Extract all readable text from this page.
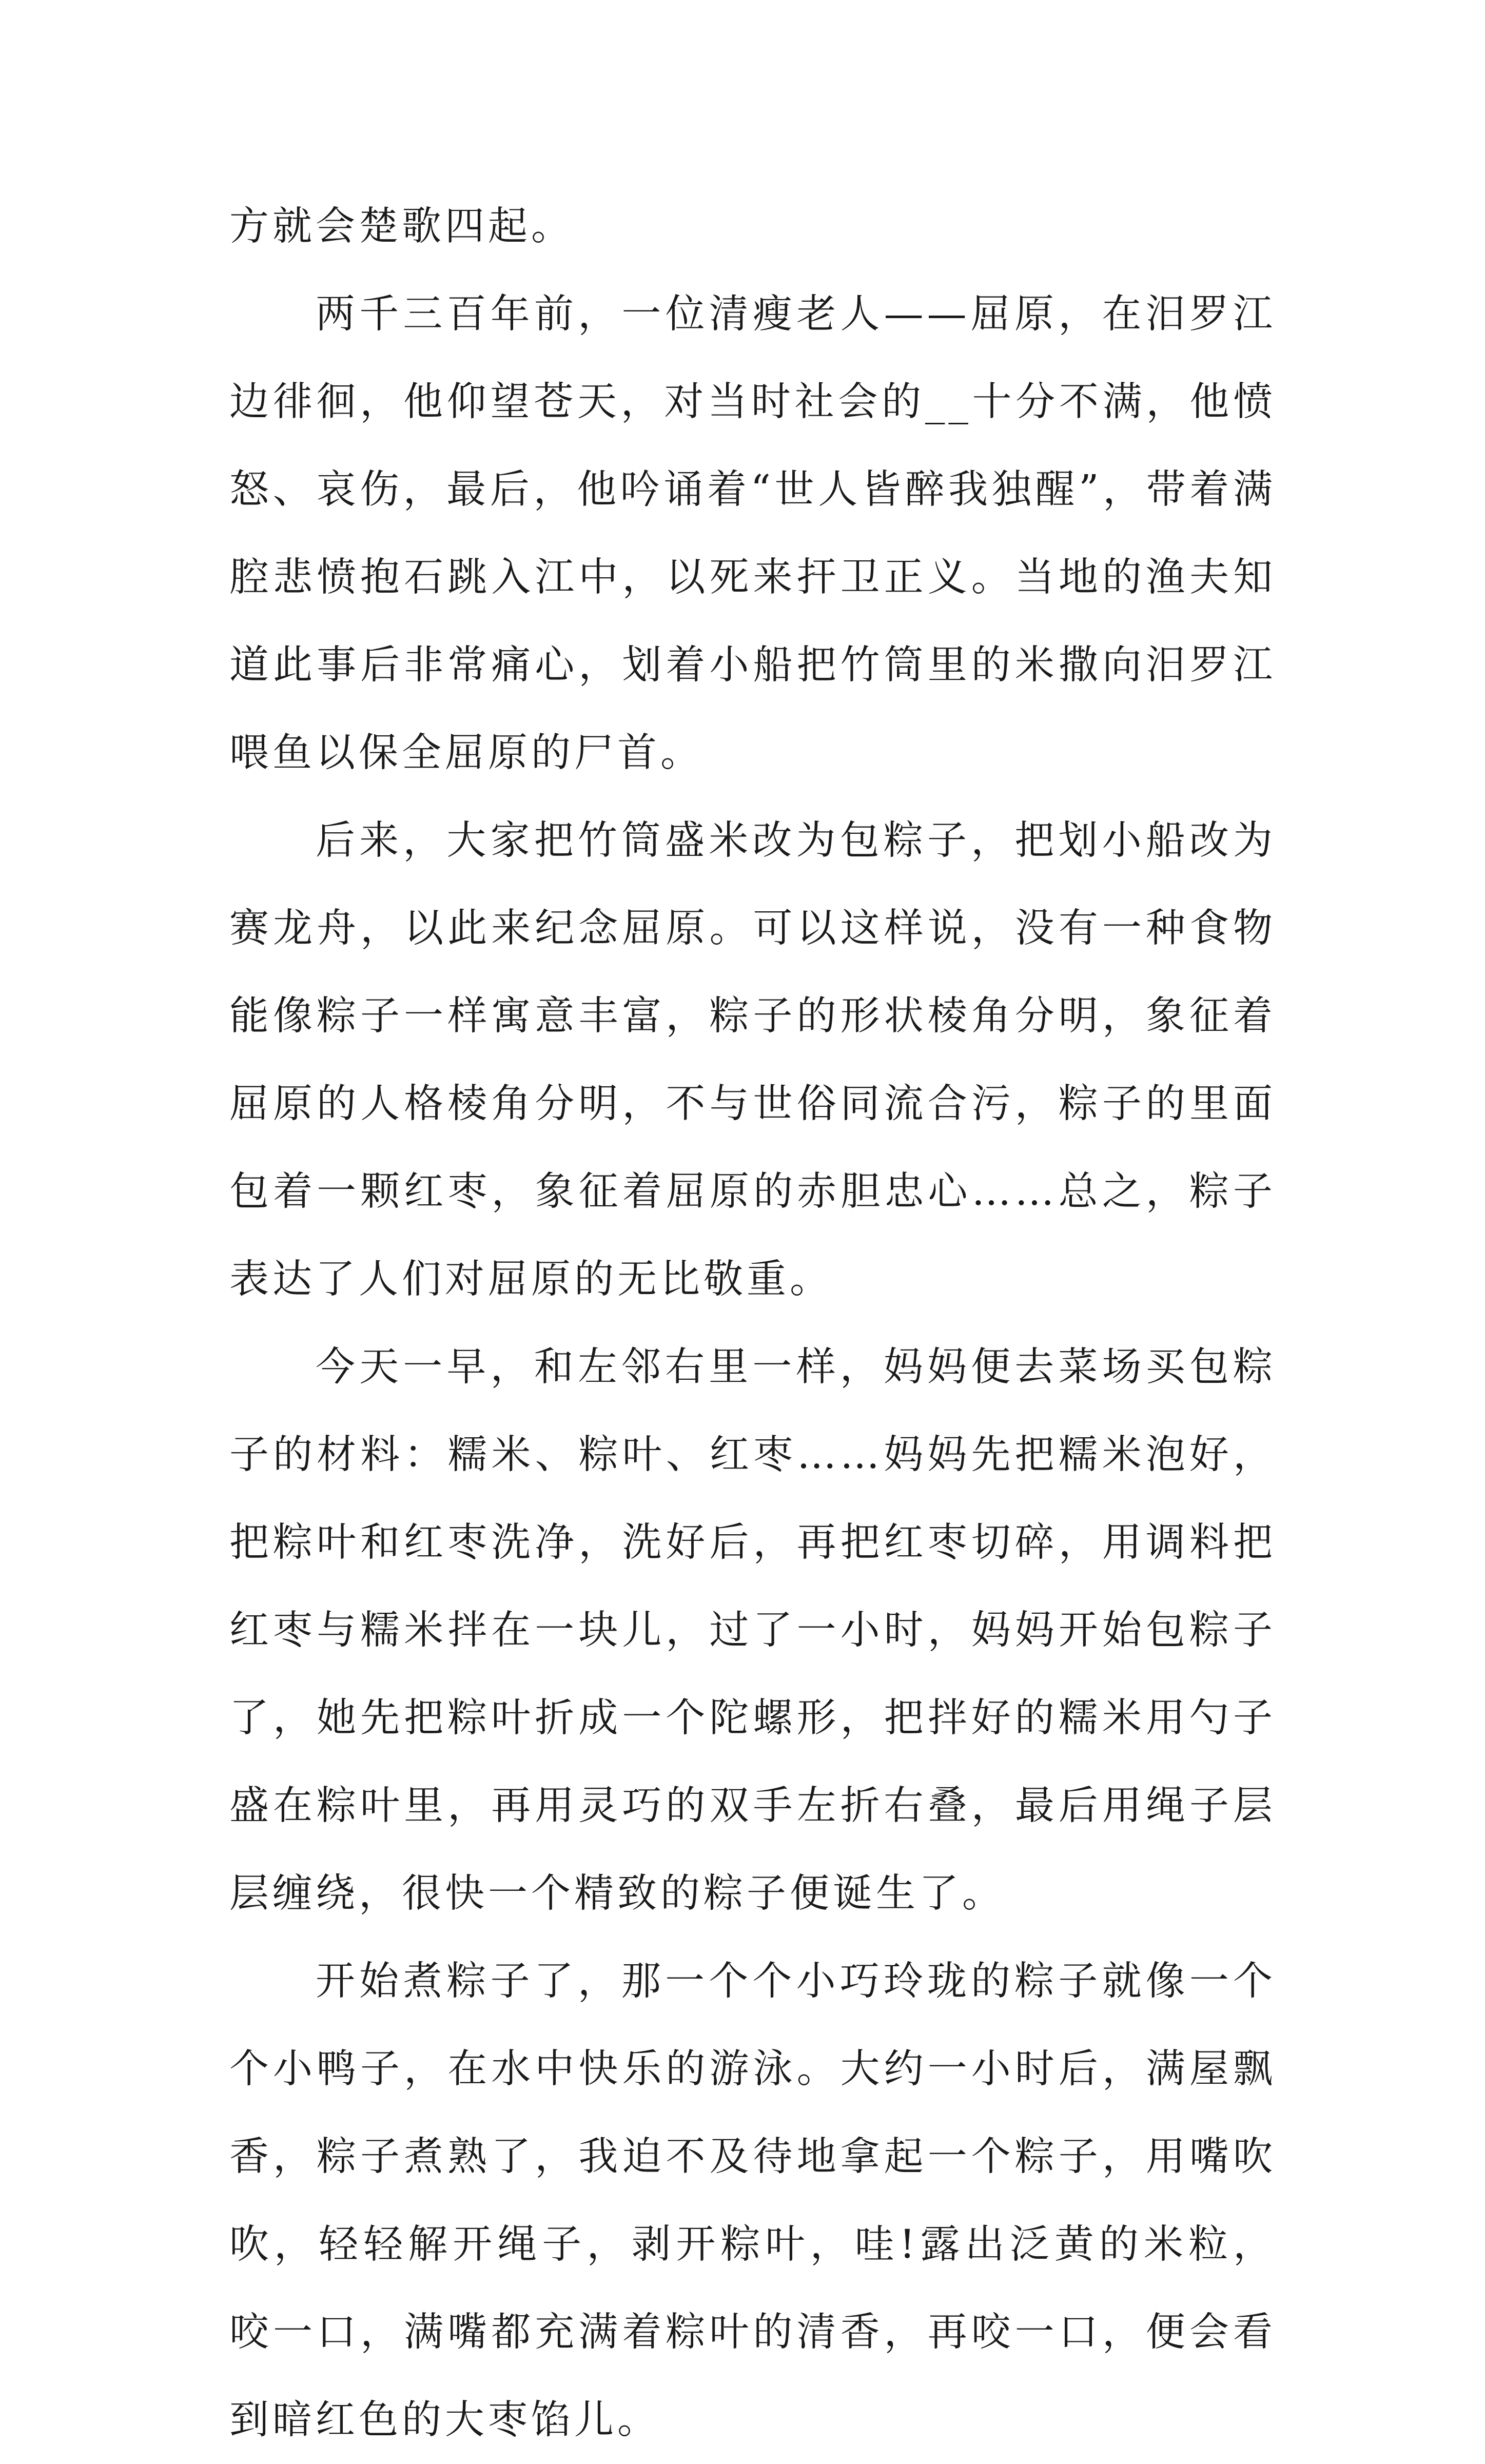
方就会楚歌四起。

两千三百年前，一位清瘦老人——屈原，在汨罗江边徘徊，他仰望苍天，对当时社会的__十分不满，他愤怒、哀伤，最后，他吟诵着“世人皆醉我独醒”，带着满腔悲愤抱石跳入江中，以死来扞卫正义。当地的渔夫知道此事后非常痛心，划着小船把竹筒里的米撒向汨罗江喂鱼以保全屈原的尸首。

后来，大家把竹筒盛米改为包粽子，把划小船改为赛龙舟，以此来纪念屈原。可以这样说，没有一种食物能像粽子一样寓意丰富，粽子的形状棱角分明，象征着屈原的人格棱角分明，不与世俗同流合污，粽子的里面包着一颗红枣，象征着屈原的赤胆忠心……总之，粽子表达了人们对屈原的无比敬重。

今天一早，和左邻右里一样，妈妈便去菜场买包粽子的材料：糯米、粽叶、红枣……妈妈先把糯米泡好，把粽叶和红枣洗净，洗好后，再把红枣切碎，用调料把红枣与糯米拌在一块儿，过了一小时，妈妈开始包粽子了，她先把粽叶折成一个陀螺形，把拌好的糯米用勺子盛在粽叶里，再用灵巧的双手左折右叠，最后用绳子层层缠绕，很快一个精致的粽子便诞生了。

开始煮粽子了，那一个个小巧玲珑的粽子就像一个个小鸭子，在水中快乐的游泳。大约一小时后，满屋飘香，粽子煮熟了，我迫不及待地拿起一个粽子，用嘴吹吹，轻轻解开绳子，剥开粽叶，哇!露出泛黄的米粒，咬一口，满嘴都充满着粽叶的清香，再咬一口，便会看到暗红色的大枣馅儿。
